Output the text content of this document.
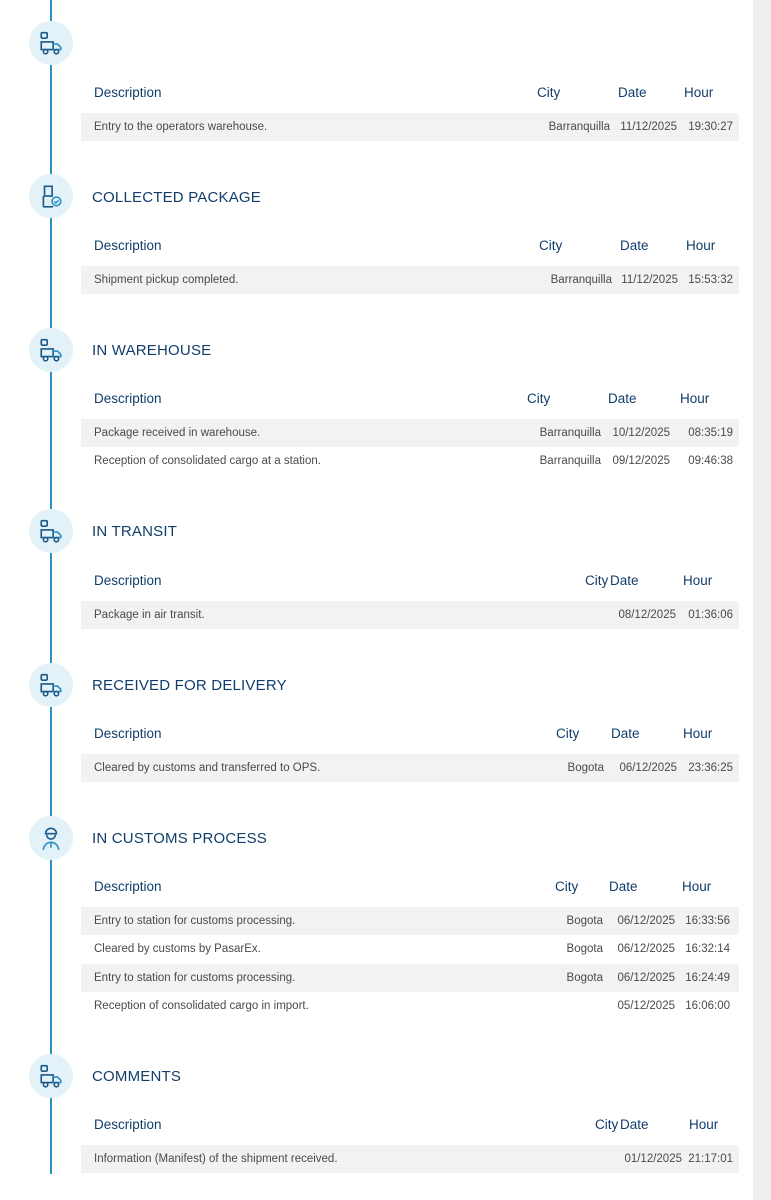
Description	City	Date	Hour
Entry to the operators warehouse.	Barranquilla 11/12/2025 19:30:27
COLLECTED PACKAGE
Description	City	Date	Hour
Shipment pickup completed.	Barranquilla 11/12/2025 15:53:32
IN WAREHOUSE
Description	City	Date	Hour
Package received in warehouse.	Barranquilla 10/12/2025 08:35:19
Reception of consolidated cargo at a station.	Barranquilla 09/12/2025 09:46:38
IN TRANSIT
Description	City Date	Hour
Package in air transit.	08/12/2025 01:36:06
RECEIVED FOR DELIVERY
Description	City Date	Hour
Cleared by customs and transferred to OPS.	Bogota 06/12/2025 23:36:25
IN CUSTOMS PROCESS
Description	City Date	Hour
Entry to station for customs processing.	Bogota 06/12/2025 16:33:56
Cleared by customs by PasarEx.	Bogota 06/12/2025 16:32:14
Entry to station for customs processing.	Bogota 06/12/2025 16:24:49
Reception of consolidated cargo in import.	05/12/2025 16:06:00
COMMENTS
Description	City Date	Hour
Information (Manifest) of the shipment received.	01/12/2025 21:17:01
